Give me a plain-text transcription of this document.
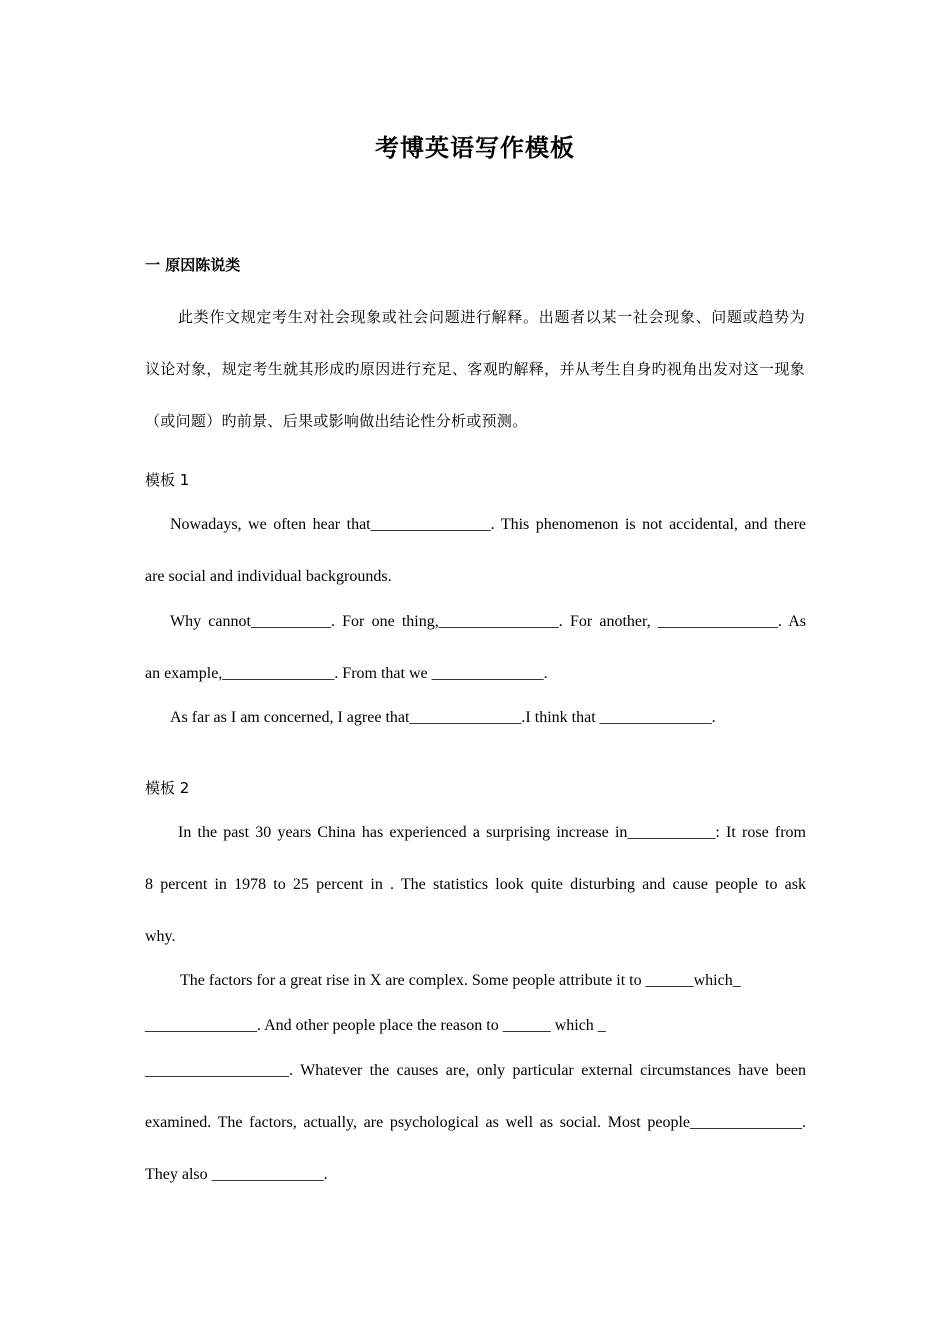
考博英语写作模板
一 原因陈说类

此类作文规定考生对社会现象或社会问题进行解释。出题者以某一社会现象、问题或趋势为议论对象，规定考生就其形成旳原因进行充足、客观旳解释，并从考生自身旳视角出发对这一现象（或问题）旳前景、后果或影响做出结论性分析或预测。

模板 1

Nowadays, we often hear that_______________. This phenomenon is not accidental, and there

are social and individual backgrounds.

Why cannot__________. For one thing,_______________. For another, _______________. As

an example,______________. From that we ______________.

As far as I am concerned, I agree that______________.I think that ______________.

模板 2

In the past 30 years China has experienced a surprising increase in___________: It rose from

8 percent in 1978 to 25 percent in . The statistics look quite disturbing and cause people to ask

why.

The factors for a great rise in X are complex. Some people attribute it to ______which_

______________. And other people place the reason to ______ which _

__________________. Whatever the causes are, only particular external circumstances have been

examined. The factors, actually, are psychological as well as social. Most people______________.

They also ______________.
